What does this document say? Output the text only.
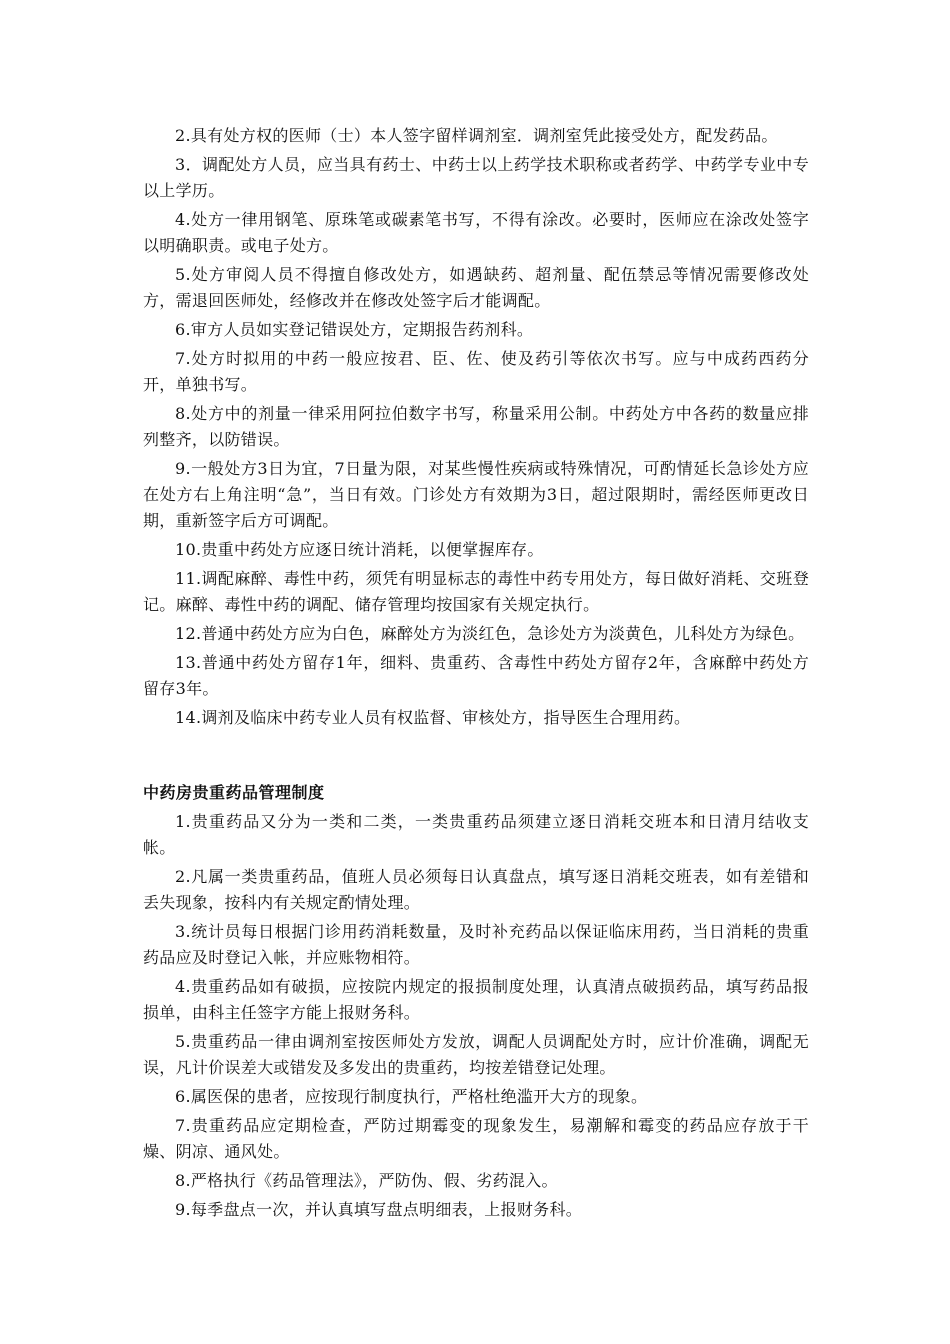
2.具有处方权的医师（士）本人签字留样调剂室．调剂室凭此接受处方，配发药品。

3．调配处方人员，应当具有药士、中药士以上药学技术职称或者药学、中药学专业中专以上学历。

4.处方一律用钢笔、原珠笔或碳素笔书写，不得有涂改。必要时，医师应在涂改处签字以明确职责。或电子处方。

5.处方审阅人员不得擅自修改处方，如遇缺药、超剂量、配伍禁忌等情况需要修改处方，需退回医师处，经修改并在修改处签字后才能调配。

6.审方人员如实登记错误处方，定期报告药剂科。

7.处方时拟用的中药一般应按君、臣、佐、使及药引等依次书写。应与中成药西药分开，单独书写。

8.处方中的剂量一律采用阿拉伯数字书写，称量采用公制。中药处方中各药的数量应排列整齐，以防错误。

9.一般处方3日为宜，7日量为限，对某些慢性疾病或特殊情况，可酌情延长急诊处方应在处方右上角注明“急”，当日有效。门诊处方有效期为3日，超过限期时，需经医师更改日期，重新签字后方可调配。

10.贵重中药处方应逐日统计消耗，以便掌握库存。

11.调配麻醉、毒性中药，须凭有明显标志的毒性中药专用处方，每日做好消耗、交班登记。麻醉、毒性中药的调配、储存管理均按国家有关规定执行。

12.普通中药处方应为白色，麻醉处方为淡红色，急诊处方为淡黄色，儿科处方为绿色。

13.普通中药处方留存1年，细料、贵重药、含毒性中药处方留存2年，含麻醉中药处方留存3年。

14.调剂及临床中药专业人员有权监督、审核处方，指导医生合理用药。

中药房贵重药品管理制度

1.贵重药品又分为一类和二类，一类贵重药品须建立逐日消耗交班本和日清月结收支帐。

2.凡属一类贵重药品，值班人员必须每日认真盘点，填写逐日消耗交班表，如有差错和丢失现象，按科内有关规定酌情处理。

3.统计员每日根据门诊用药消耗数量，及时补充药品以保证临床用药，当日消耗的贵重药品应及时登记入帐，并应账物相符。

4.贵重药品如有破损，应按院内规定的报损制度处理，认真清点破损药品，填写药品报损单，由科主任签字方能上报财务科。

5.贵重药品一律由调剂室按医师处方发放，调配人员调配处方时，应计价准确，调配无误，凡计价误差大或错发及多发出的贵重药，均按差错登记处理。

6.属医保的患者，应按现行制度执行，严格杜绝滥开大方的现象。

7.贵重药品应定期检查，严防过期霉变的现象发生，易潮解和霉变的药品应存放于干燥、阴凉、通风处。

8.严格执行《药品管理法》，严防伪、假、劣药混入。

9.每季盘点一次，并认真填写盘点明细表，上报财务科。
